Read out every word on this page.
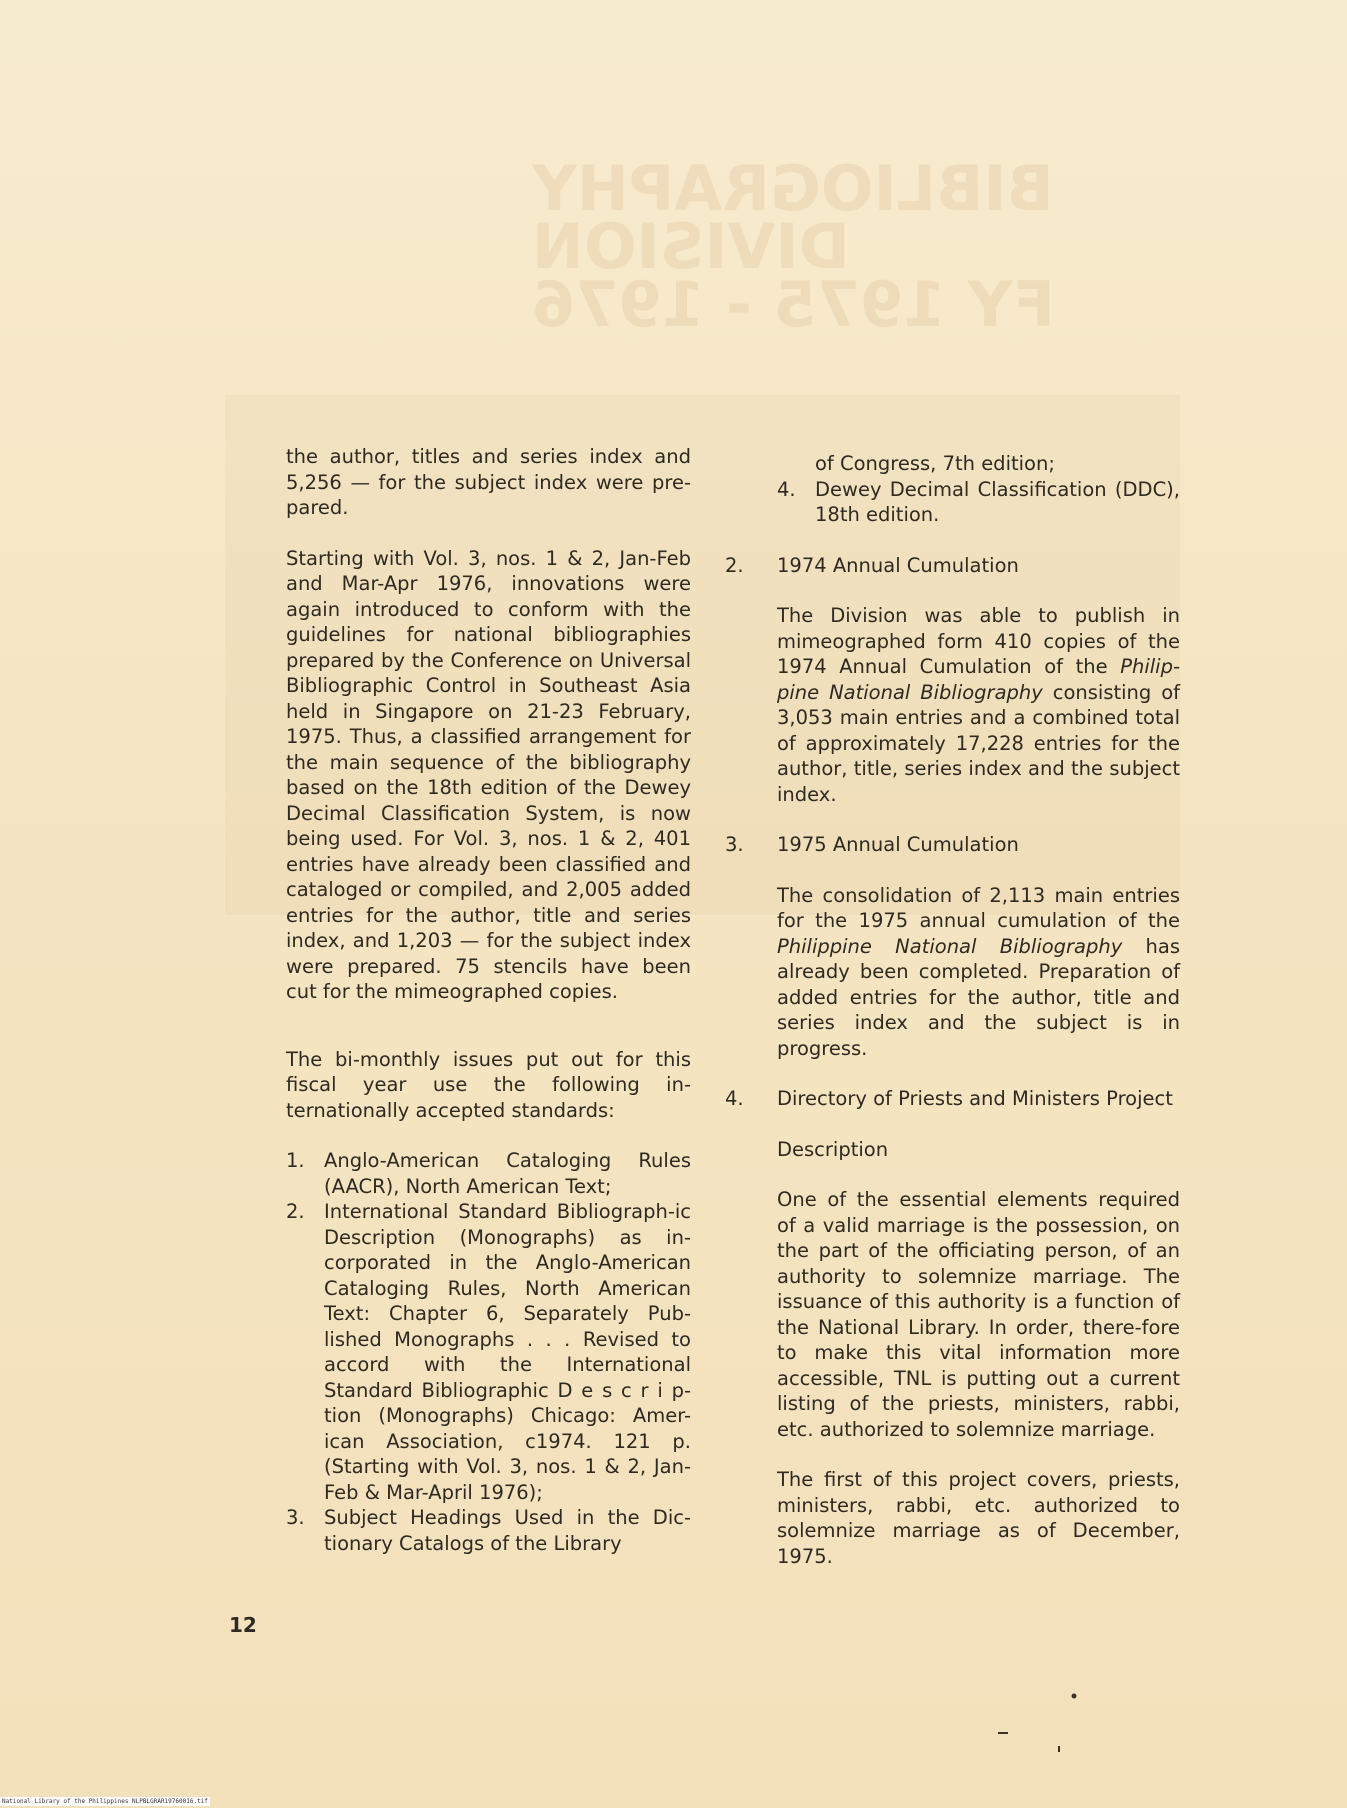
BIBLIOGRAPHY
DIVISION
FY 1975 - 1976

the author, titles and series index and 5,256 — for the subject index were pre-pared.

Starting with Vol. 3, nos. 1 & 2, Jan-Feb and Mar-Apr 1976, innovations were again introduced to conform with the guidelines for national bibliographies prepared by the Conference on Universal Bibliographic Control in Southeast Asia held in Singapore on 21-23 February, 1975. Thus, a classified arrangement for the main sequence of the bibliography based on the 18th edition of the Dewey Decimal Classification System, is now being used. For Vol. 3, nos. 1 & 2, 401 entries have already been classified and cataloged or compiled, and 2,005 added entries for the author, title and series index, and 1,203 — for the subject index were prepared. 75 stencils have been cut for the mimeographed copies.

The bi-monthly issues put out for this fiscal year use the following in-ternationally accepted standards:

1. Anglo-American Cataloging Rules (AACR), North American Text;
2. International Standard Bibliograph-ic Description (Monographs) as in-corporated in the Anglo-American Cataloging Rules, North American Text: Chapter 6, Separately Pub-lished Monographs . . . Revised to accord with the International Standard Bibliographic D e s c r i p-tion (Monographs) Chicago: Amer-ican Association, c1974. 121 p. (Starting with Vol. 3, nos. 1 & 2, Jan-Feb & Mar-April 1976);
3. Subject Headings Used in the Dic-tionary Catalogs of the Library
of Congress, 7th edition;
4. Dewey Decimal Classification (DDC), 18th edition.
2. 1974 Annual Cumulation

The Division was able to publish in mimeographed form 410 copies of the 1974 Annual Cumulation of the Philip-pine National Bibliography consisting of 3,053 main entries and a combined total of approximately 17,228 entries for the author, title, series index and the subject index.

3. 1975 Annual Cumulation

The consolidation of 2,113 main entries for the 1975 annual cumulation of the Philippine National Bibliography has already been completed. Preparation of added entries for the author, title and series index and the subject is in progress.

4. Directory of Priests and Ministers Project

Description

One of the essential elements required of a valid marriage is the possession, on the part of the officiating person, of an authority to solemnize marriage. The issuance of this authority is a function of the National Library. In order, there-fore to make this vital information more accessible, TNL is putting out a current listing of the priests, ministers, rabbi, etc. authorized to solemnize marriage.

The first of this project covers, priests, ministers, rabbi, etc. authorized to solemnize marriage as of December, 1975.

12
National Library of the Philippines NLPBLGRAR19760016.tif
